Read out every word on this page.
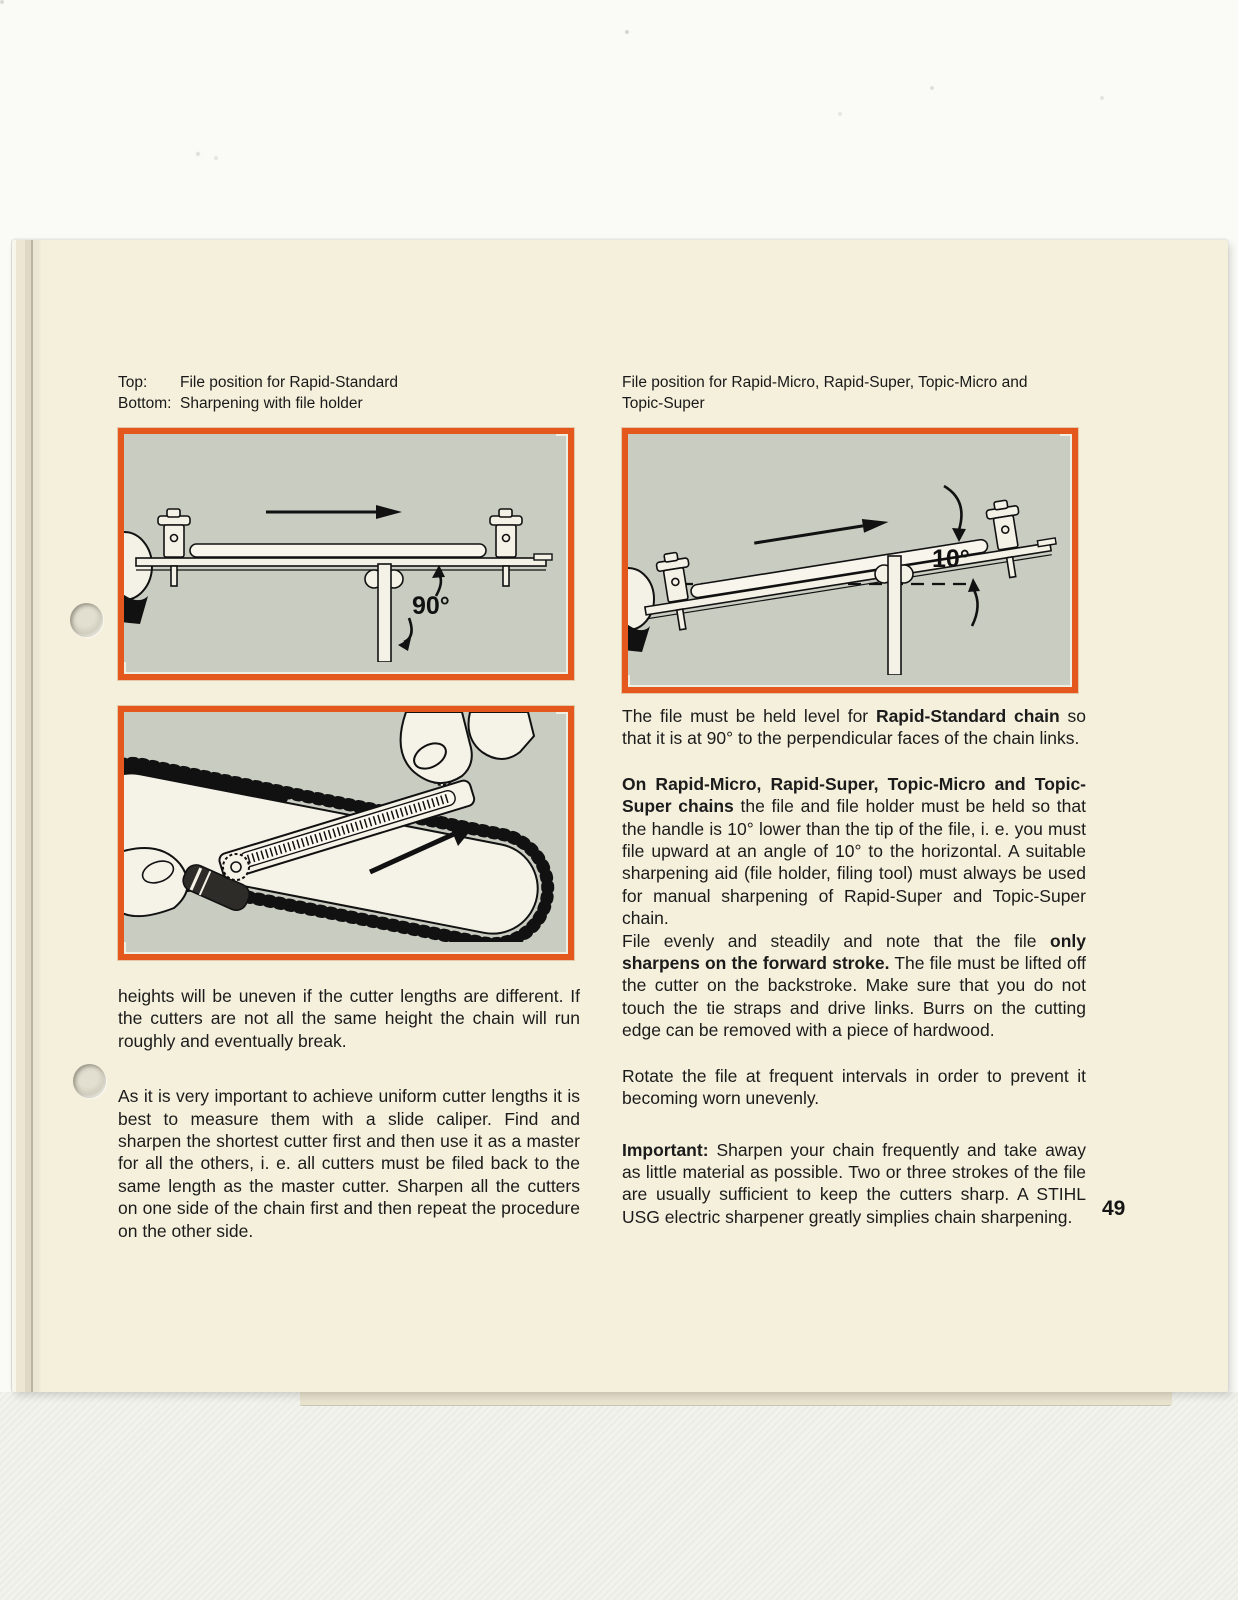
Top:	File position for Rapid-Standard
Bottom: Sharpening with file holder
File position for Rapid-Micro, Rapid-Super, Topic-Micro and Topic-Super
90°
10°

heights will be uneven if the cutter lengths are different. If the cutters are not all the same height the chain will run roughly and eventually break.

As it is very important to achieve uniform cutter lengths it is best to measure them with a slide caliper. Find and sharpen the shortest cutter first and then use it as a master for all the others, i. e. all cutters must be filed back to the same length as the master cutter. Sharpen all the cutters on one side of the chain first and then repeat the procedure on the other side.

The file must be held level for Rapid-Standard chain so that it is at 90° to the perpendicular faces of the chain links.

On Rapid-Micro, Rapid-Super, Topic-Micro and Topic-Super chains the file and file holder must be held so that the handle is 10° lower than the tip of the file, i. e. you must file upward at an angle of 10° to the horizontal. A suitable sharpening aid (file holder, filing tool) must always be used for manual sharpening of Rapid-Super and Topic-Super chain.

File evenly and steadily and note that the file only sharpens on the forward stroke. The file must be lifted off the cutter on the backstroke. Make sure that you do not touch the tie straps and drive links. Burrs on the cutting edge can be removed with a piece of hardwood.

Rotate the file at frequent intervals in order to prevent it becoming worn unevenly.

Important: Sharpen your chain frequently and take away as little material as possible. Two or three strokes of the file are usually sufficient to keep the cutters sharp. A STIHL USG electric sharpener greatly simplies chain sharpening.	49
